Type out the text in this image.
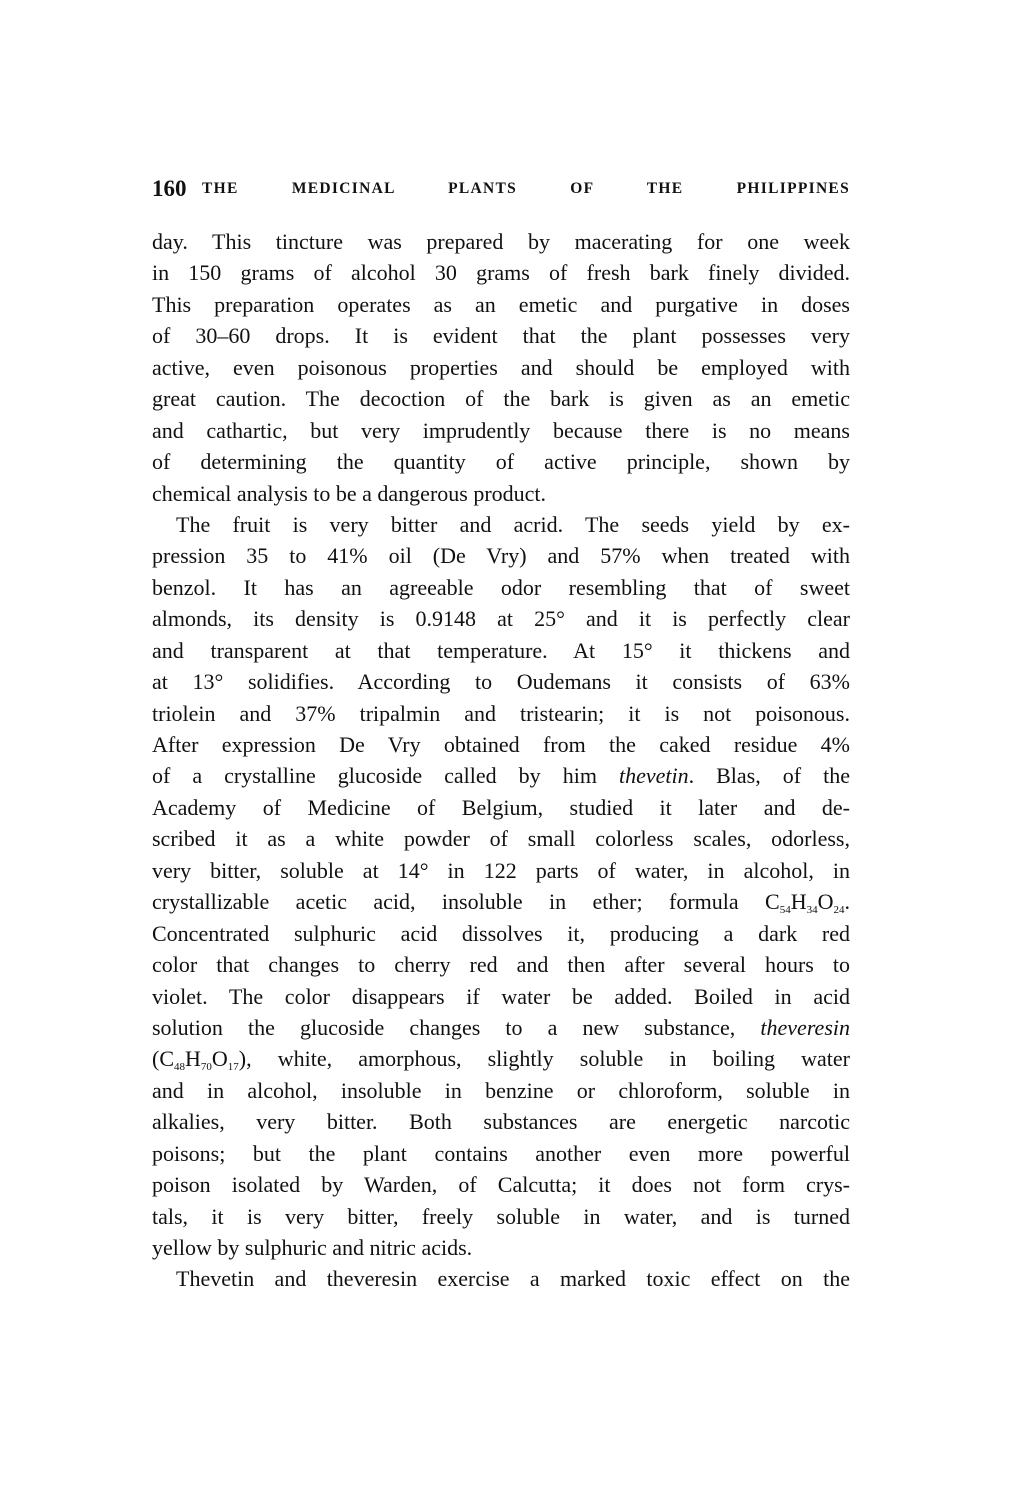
160 THE MEDICINAL PLANTS OF THE PHILIPPINES
day. This tincture was prepared by macerating for one week
in 150 grams of alcohol 30 grams of fresh bark finely divided.
This preparation operates as an emetic and purgative in doses
of 30–60 drops. It is evident that the plant possesses very
active, even poisonous properties and should be employed with
great caution. The decoction of the bark is given as an emetic
and cathartic, but very imprudently because there is no means
of determining the quantity of active principle, shown by
chemical analysis to be a dangerous product.
The fruit is very bitter and acrid. The seeds yield by ex-
pression 35 to 41% oil (De Vry) and 57% when treated with
benzol. It has an agreeable odor resembling that of sweet
almonds, its density is 0.9148 at 25° and it is perfectly clear
and transparent at that temperature. At 15° it thickens and
at 13° solidifies. According to Oudemans it consists of 63%
triolein and 37% tripalmin and tristearin; it is not poisonous.
After expression De Vry obtained from the caked residue 4%
of a crystalline glucoside called by him thevetin. Blas, of the
Academy of Medicine of Belgium, studied it later and de-
scribed it as a white powder of small colorless scales, odorless,
very bitter, soluble at 14° in 122 parts of water, in alcohol, in
crystallizable acetic acid, insoluble in ether; formula $C_{54}H_{34}O_{24}$.
Concentrated sulphuric acid dissolves it, producing a dark red
color that changes to cherry red and then after several hours to
violet. The color disappears if water be added. Boiled in acid
solution the glucoside changes to a new substance, theveresin
$(C_{48}H_{70}O_{17})$, white, amorphous, slightly soluble in boiling water
and in alcohol, insoluble in benzine or chloroform, soluble in
alkalies, very bitter. Both substances are energetic narcotic
poisons; but the plant contains another even more powerful
poison isolated by Warden, of Calcutta; it does not form crys-
tals, it is very bitter, freely soluble in water, and is turned
yellow by sulphuric and nitric acids.
Thevetin and theveresin exercise a marked toxic effect on the
